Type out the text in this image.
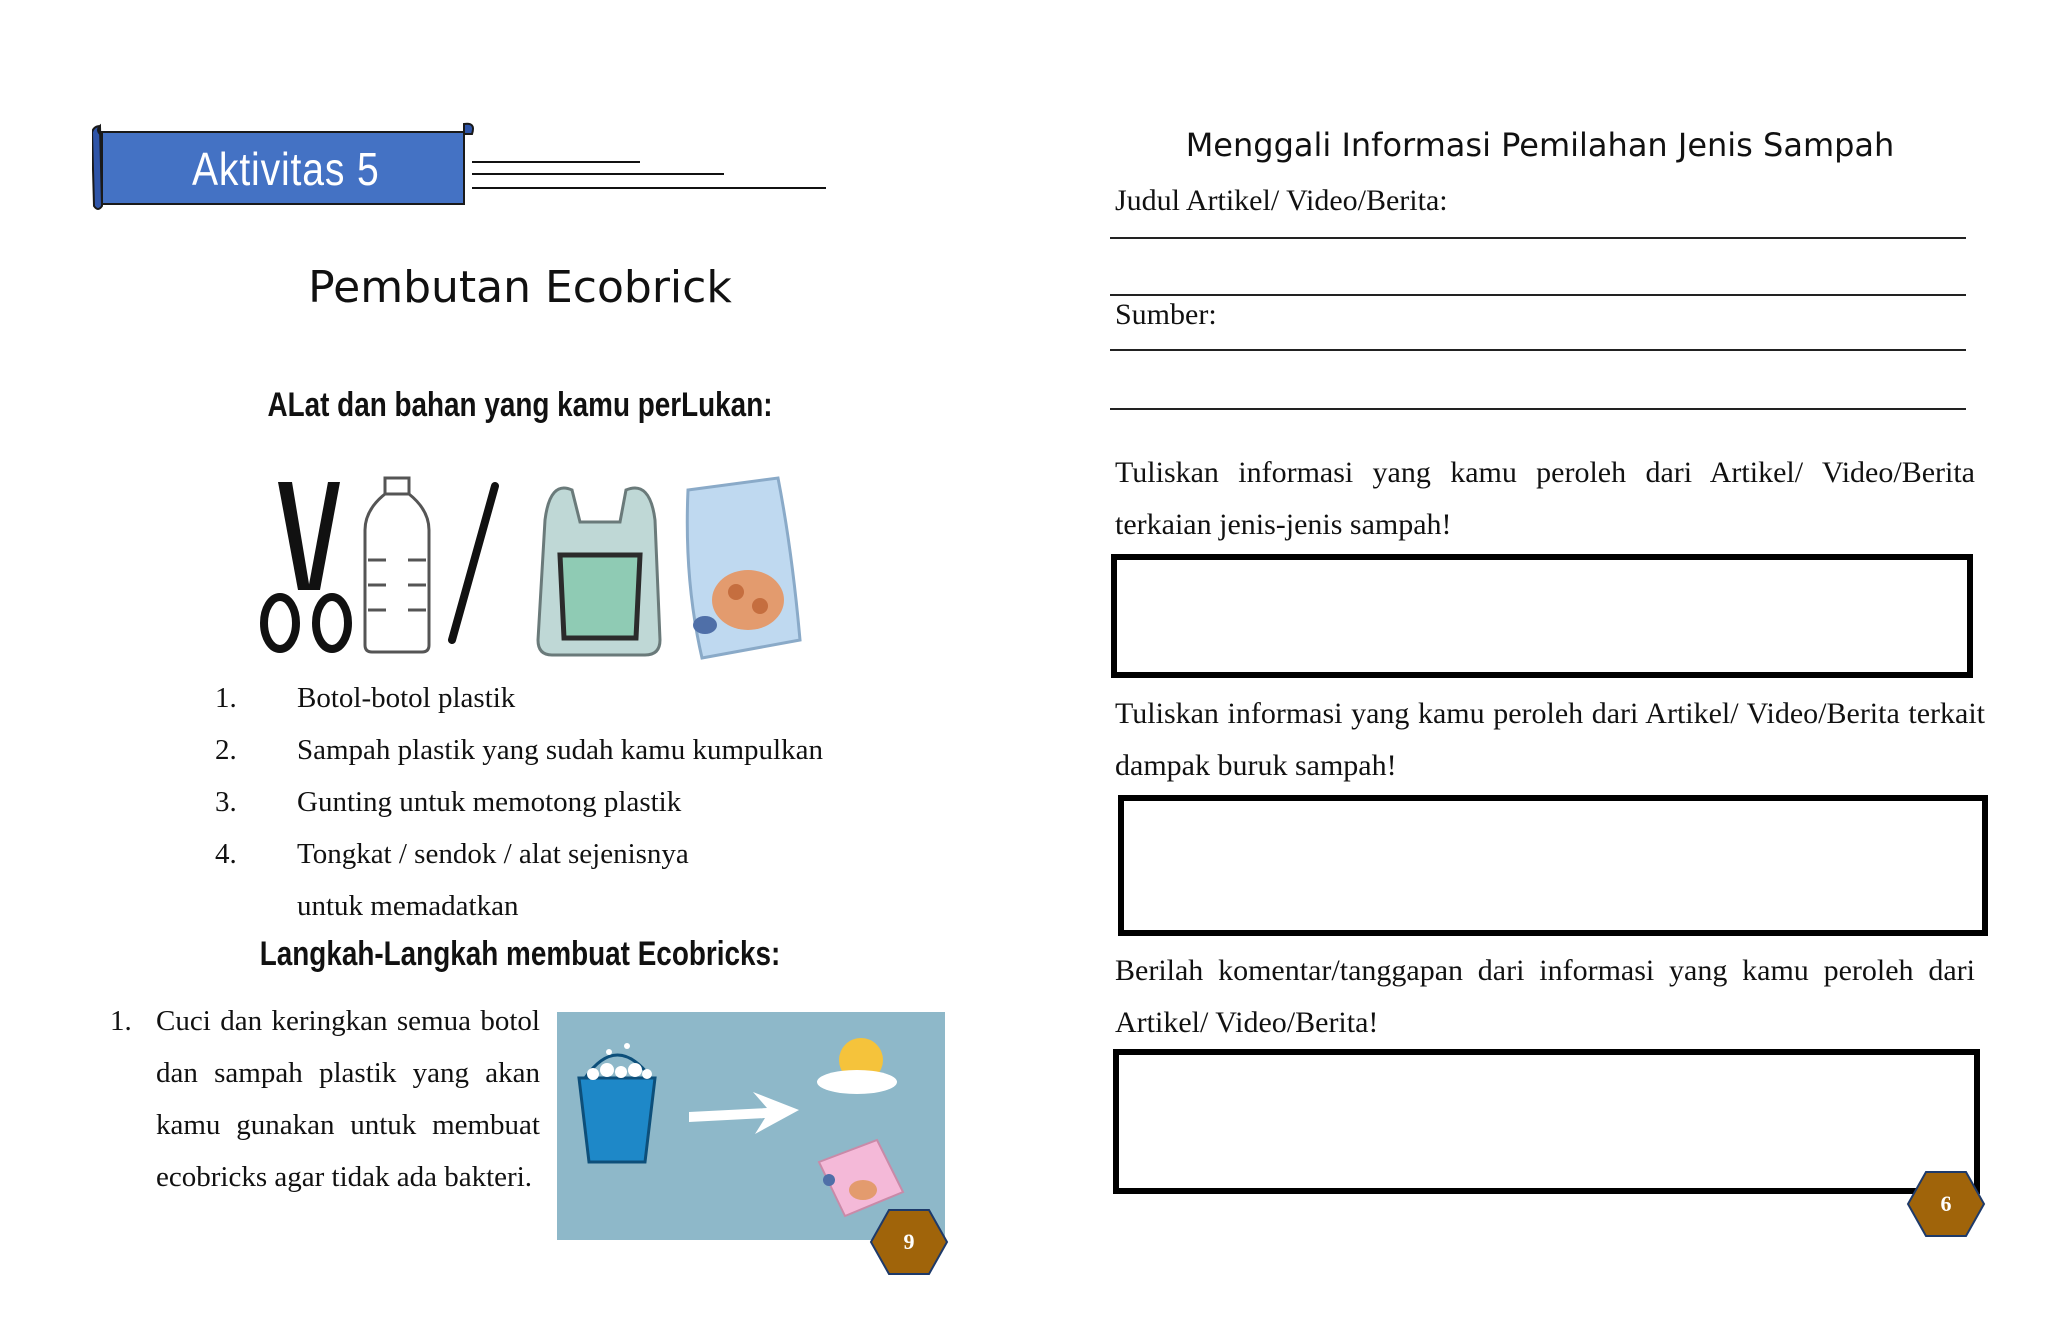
Aktivitas 5
Pembutan Ecobrick
ALat dan bahan yang kamu perLukan:
1.	Botol-botol plastik
2.	Sampah plastik yang sudah kamu kumpulkan
3.	Gunting untuk memotong plastik
4.	Tongkat / sendok / alat sejenisnya
untuk memadatkan
Langkah-Langkah membuat Ecobricks:
1. Cuci dan keringkan semua botol dan sampah plastik yang akan kamu gunakan untuk membuat ecobricks agar tidak ada bakteri.
9
Menggali Informasi Pemilahan Jenis Sampah
Judul Artikel/ Video/Berita:
Sumber:
Tuliskan informasi yang kamu peroleh dari Artikel/ Video/Berita terkaian jenis-jenis sampah!
Tuliskan informasi yang kamu peroleh dari Artikel/ Video/Berita terkait dampak buruk sampah!
Berilah komentar/tanggapan dari informasi yang kamu peroleh dari Artikel/ Video/Berita!
6
